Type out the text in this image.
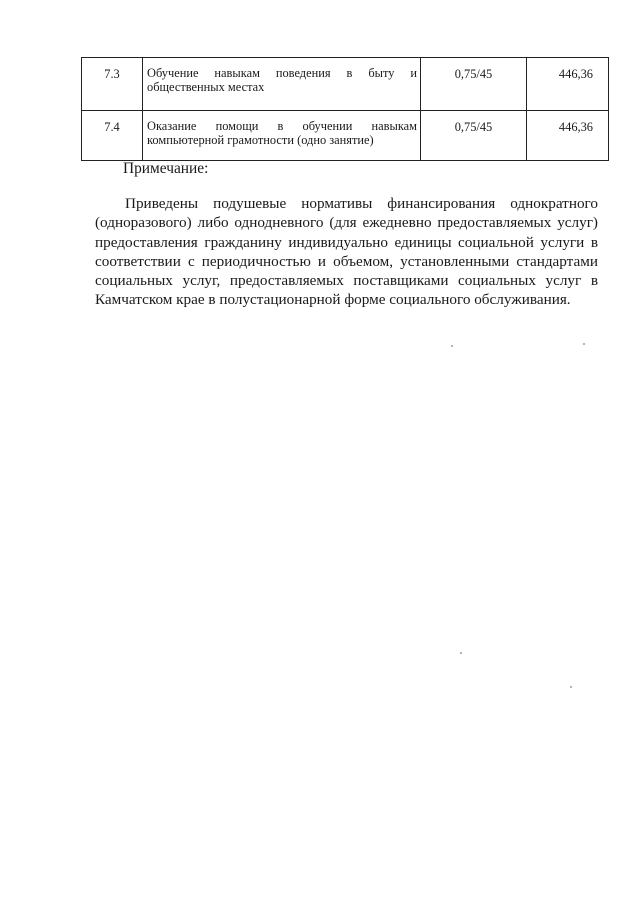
7.3	Обучение навыкам поведения в быту и общественных местах	0,75/45	446,36
7.4	Оказание помощи в обучении навыкам компьютерной грамотности (одно занятие)	0,75/45	446,36

Примечание:

Приведены подушевые нормативы финансирования однократного (одноразового) либо однодневного (для ежедневно предоставляемых услуг) предоставления гражданину индивидуально единицы социальной услуги в соответствии с периодичностью и объемом, установленными стандартами социальных услуг, предоставляемых поставщиками социальных услуг в Камчатском крае в полустационарной форме социального обслуживания.
